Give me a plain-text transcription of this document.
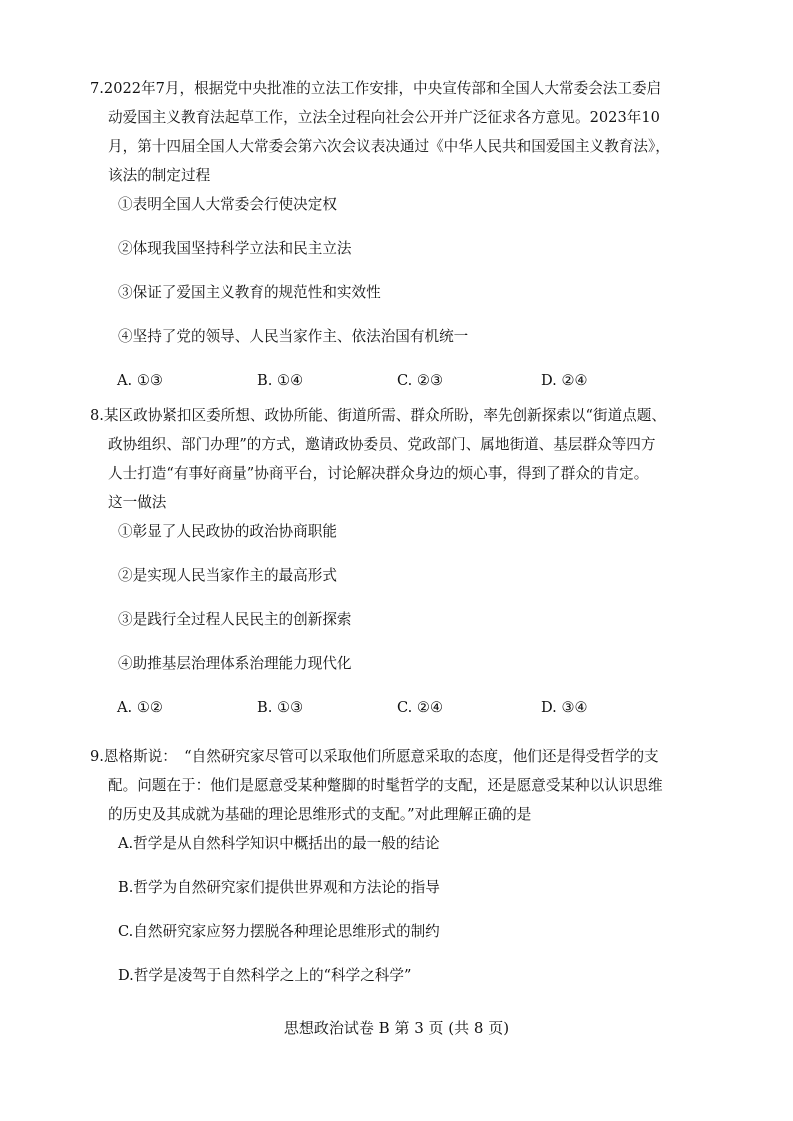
7.2022年7月，根据党中央批准的立法工作安排，中央宣传部和全国人大常委会法工委启
动爱国主义教育法起草工作，立法全过程向社会公开并广泛征求各方意见。2023年10
月，第十四届全国人大常委会第六次会议表决通过《中华人民共和国爱国主义教育法》，
该法的制定过程
①表明全国人大常委会行使决定权
②体现我国坚持科学立法和民主立法
③保证了爱国主义教育的规范性和实效性
④坚持了党的领导、人民当家作主、依法治国有机统一
A. ①③	B. ①④	C. ②③	D. ②④
8.某区政协紧扣区委所想、政协所能、街道所需、群众所盼，率先创新探索以“街道点题、
政协组织、部门办理”的方式，邀请政协委员、党政部门、属地街道、基层群众等四方
人士打造“有事好商量”协商平台，讨论解决群众身边的烦心事，得到了群众的肯定。
这一做法
①彰显了人民政协的政治协商职能
②是实现人民当家作主的最高形式
③是践行全过程人民民主的创新探索
④助推基层治理体系治理能力现代化
A. ①②	B. ①③	C. ②④	D. ③④
9.恩格斯说：　“自然研究家尽管可以采取他们所愿意采取的态度，他们还是得受哲学的支
配。问题在于：他们是愿意受某种蹩脚的时髦哲学的支配，还是愿意受某种以认识思维
的历史及其成就为基础的理论思维形式的支配。”对此理解正确的是
A.哲学是从自然科学知识中概括出的最一般的结论
B.哲学为自然研究家们提供世界观和方法论的指导
C.自然研究家应努力摆脱各种理论思维形式的制约
D.哲学是凌驾于自然科学之上的“科学之科学”
思想政治试卷 B 第 3 页 (共 8 页)
